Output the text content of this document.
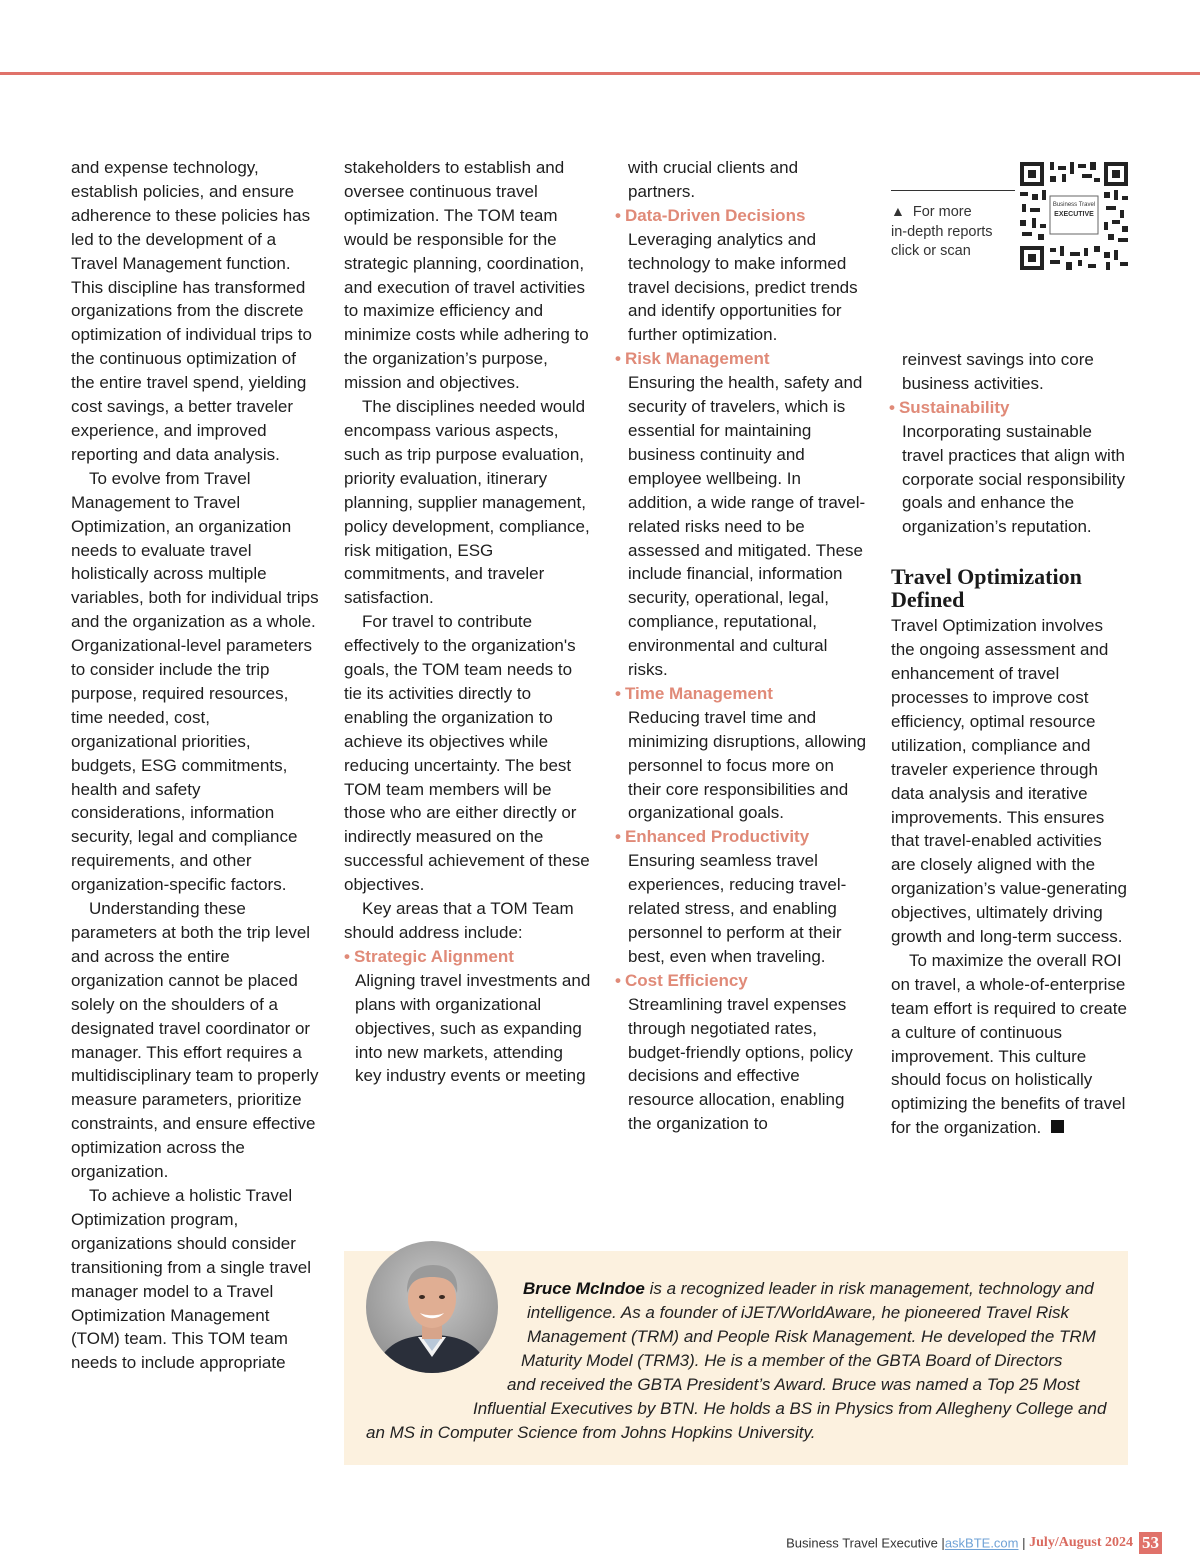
and expense technology, establish policies, and ensure adherence to these policies has led to the development of a Travel Management function. This discipline has transformed organizations from the discrete optimization of individual trips to the continuous optimization of the entire travel spend, yielding cost savings, a better traveler experience, and improved reporting and data analysis.

To evolve from Travel Management to Travel Optimization, an organization needs to evaluate travel holistically across multiple variables, both for individual trips and the organization as a whole. Organizational-level parameters to consider include the trip purpose, required resources, time needed, cost, organizational priorities, budgets, ESG commitments, health and safety considerations, information security, legal and compliance requirements, and other organization-specific factors.

Understanding these parameters at both the trip level and across the entire organization cannot be placed solely on the shoulders of a designated travel coordinator or manager. This effort requires a multidisciplinary team to properly measure parameters, prioritize constraints, and ensure effective optimization across the organization.

To achieve a holistic Travel Optimization program, organizations should consider transitioning from a single travel manager model to a Travel Optimization Management (TOM) team. This TOM team needs to include appropriate

stakeholders to establish and oversee continuous travel optimization. The TOM team would be responsible for the strategic planning, coordination, and execution of travel activities to maximize efficiency and minimize costs while adhering to the organization’s purpose, mission and objectives.

The disciplines needed would encompass various aspects, such as trip purpose evaluation, priority evaluation, itinerary planning, supplier management, policy development, compliance, risk mitigation, ESG commitments, and traveler satisfaction.

For travel to contribute effectively to the organization's goals, the TOM team needs to tie its activities directly to enabling the organization to achieve its objectives while reducing uncertainty. The best TOM team members will be those who are either directly or indirectly measured on the successful achievement of these objectives.

Key areas that a TOM Team should address include:

• Strategic Alignment
Aligning travel investments and plans with organizational objectives, such as expanding into new markets, attending key industry events or meeting

with crucial clients and partners.

• Data-Driven Decisions
Leveraging analytics and technology to make informed travel decisions, predict trends and identify opportunities for further optimization.
• Risk Management
Ensuring the health, safety and security of travelers, which is essential for maintaining business continuity and employee wellbeing. In addition, a wide range of travel-related risks need to be assessed and mitigated. These include financial, information security, operational, legal, compliance, reputational, environmental and cultural risks.
• Time Management
Reducing travel time and minimizing disruptions, allowing personnel to focus more on their core responsibilities and organizational goals.
• Enhanced Productivity
Ensuring seamless travel experiences, reducing travel-related stress, and enabling personnel to perform at their best, even when traveling.
• Cost Efficiency
Streamlining travel expenses through negotiated rates, budget-friendly options, policy decisions and effective resource allocation, enabling the organization to
▲ For more
in-depth reports
click or scan
Business Travel
EXECUTIVE

reinvest savings into core business activities.

• Sustainability
Incorporating sustainable travel practices that align with corporate social responsibility goals and enhance the organization’s reputation.
Travel Optimization Defined

Travel Optimization involves the ongoing assessment and enhancement of travel processes to improve cost efficiency, optimal resource utilization, compliance and traveler experience through data analysis and iterative improvements. This ensures that travel-enabled activities are closely aligned with the organization’s value-generating objectives, ultimately driving growth and long-term success.

To maximize the overall ROI on travel, a whole-of-enterprise team effort is required to create a culture of continuous improvement. This culture should focus on holistically optimizing the benefits of travel for the organization.

Bruce McIndoe is a recognized leader in risk management, technology and
intelligence. As a founder of iJET/WorldAware, he pioneered Travel Risk
Management (TRM) and People Risk Management. He developed the TRM
Maturity Model (TRM3). He is a member of the GBTA Board of Directors
and received the GBTA President’s Award. Bruce was named a Top 25 Most
Influential Executives by BTN. He holds a BS in Physics from Allegheny College and
an MS in Computer Science from Johns Hopkins University.
Business Travel Executive |askBTE.com | July/August 2024 53
